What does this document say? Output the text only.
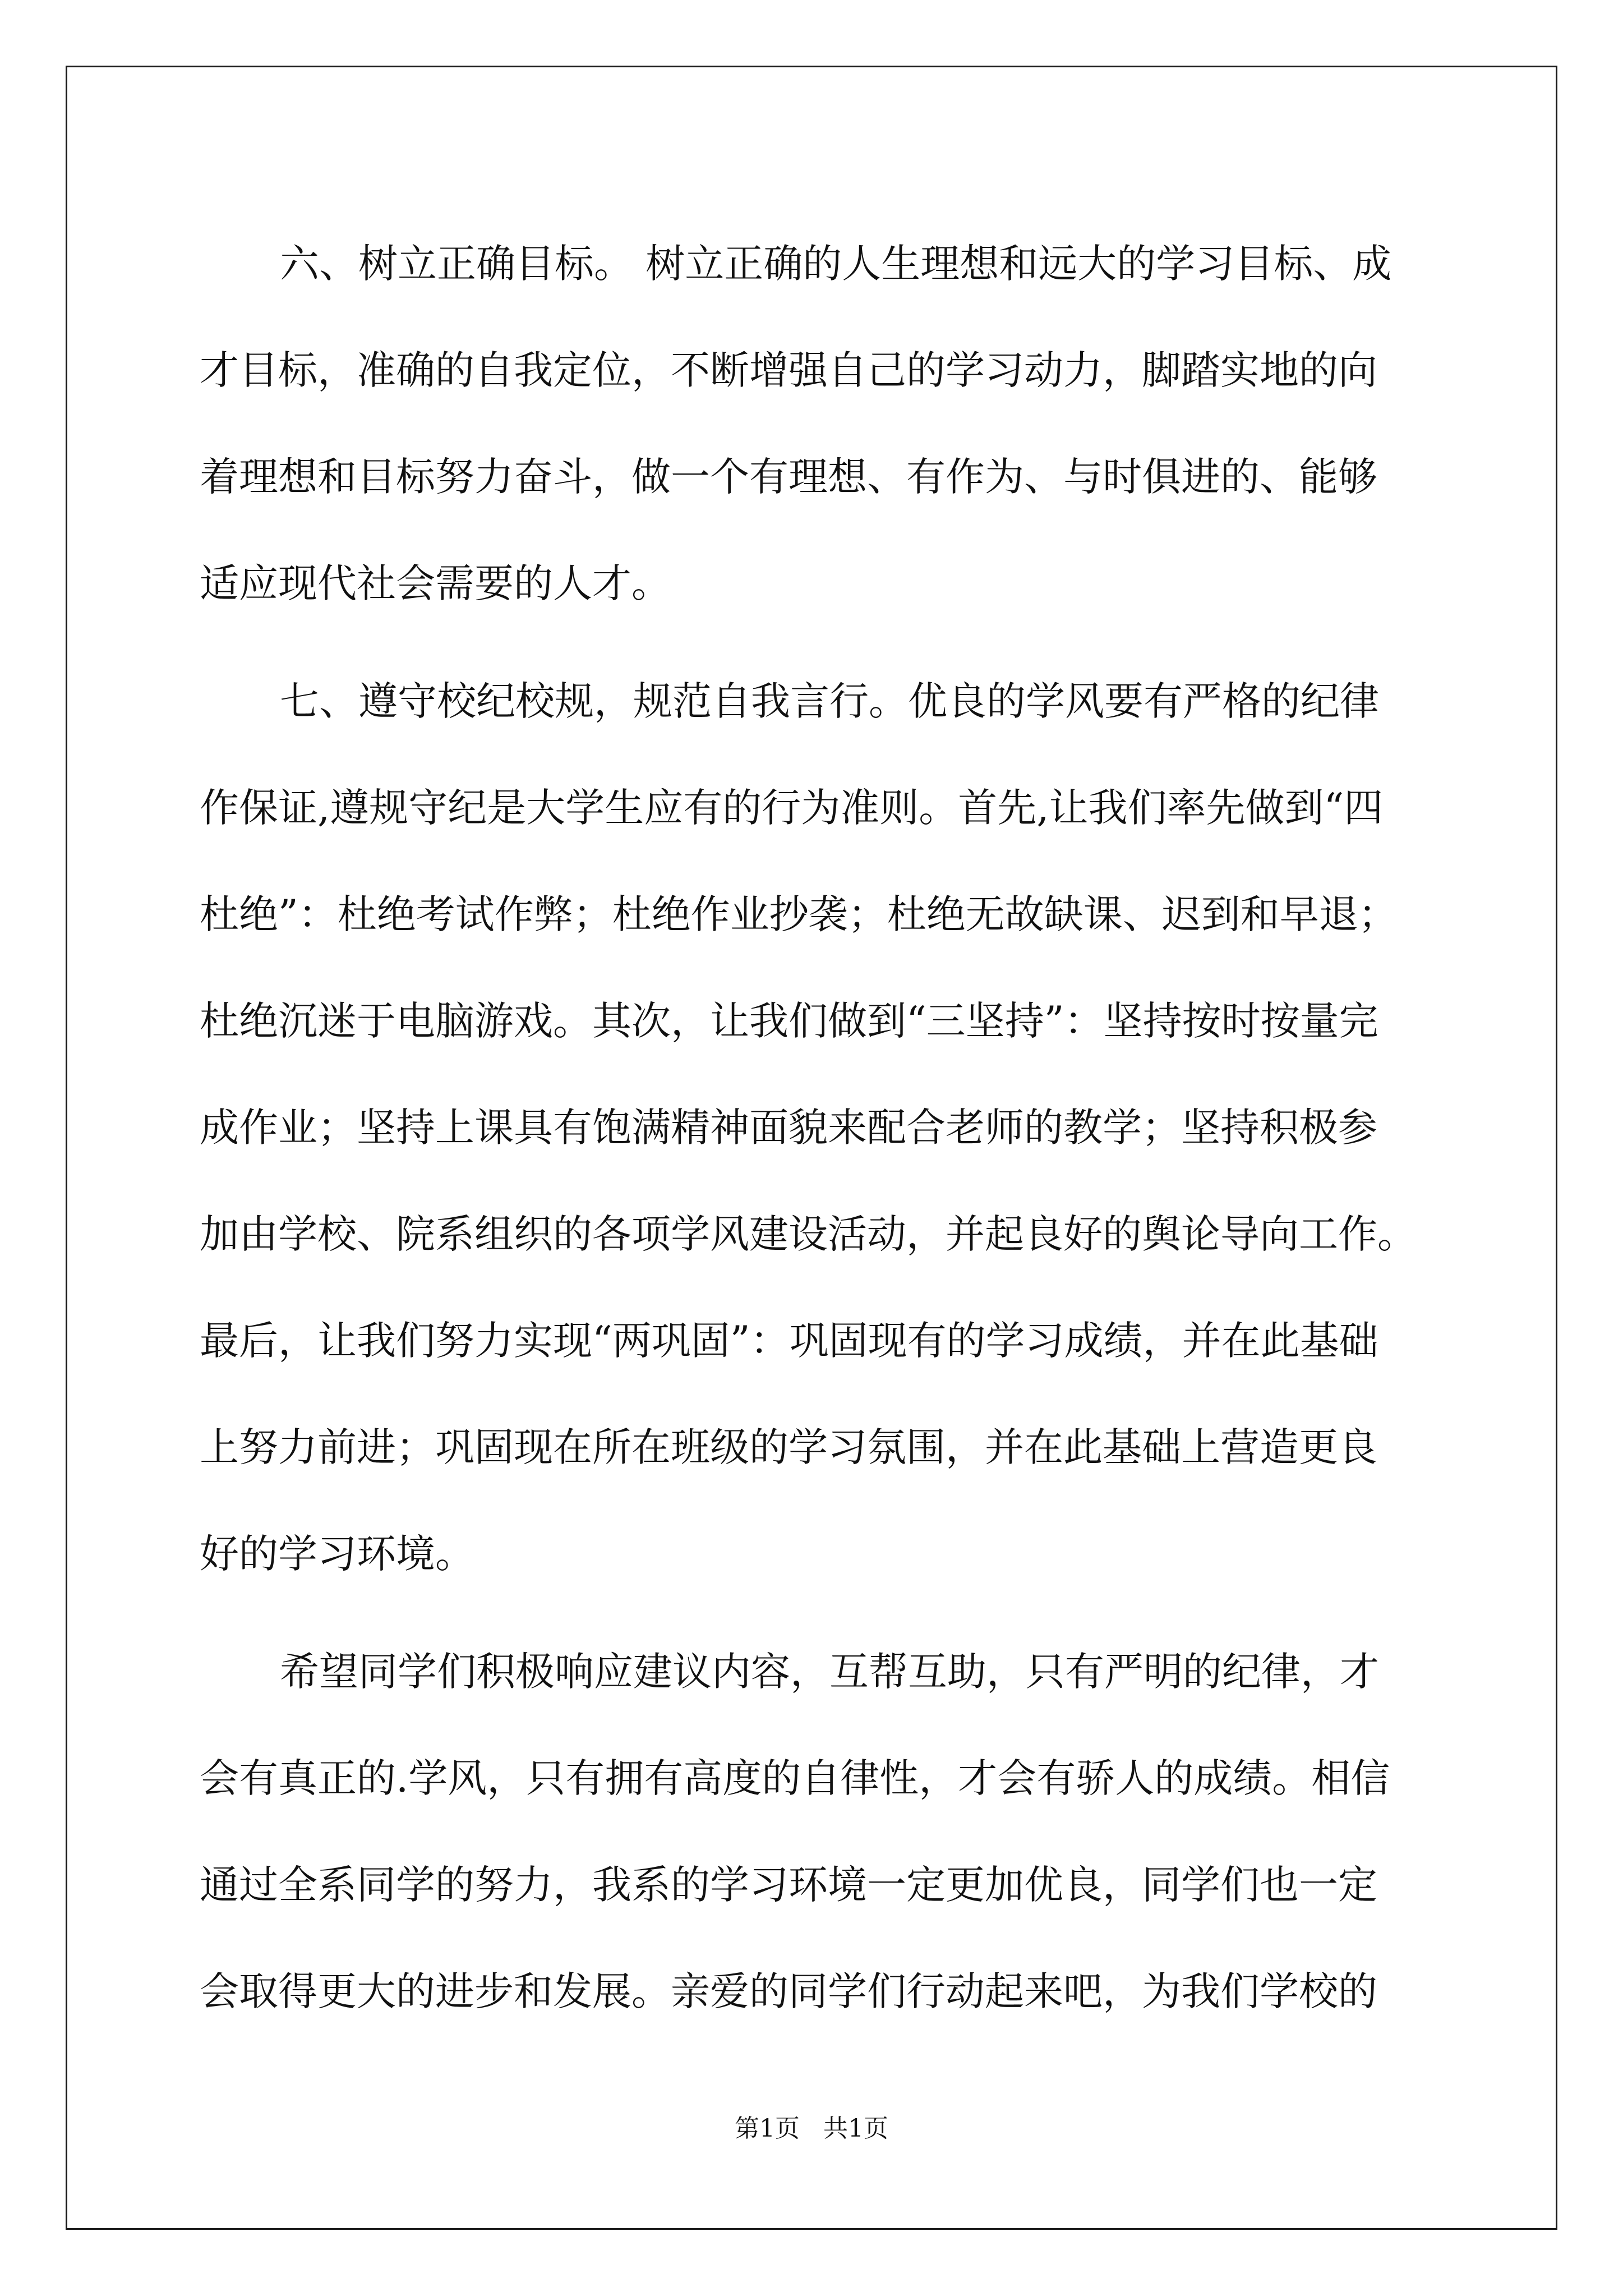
六、树立正确目标。 树立正确的人生理想和远大的学习目标、成
才目标，准确的自我定位，不断增强自己的学习动力，脚踏实地的向
着理想和目标努力奋斗，做一个有理想、有作为、与时俱进的、能够
适应现代社会需要的人才。
七、遵守校纪校规，规范自我言行。优良的学风要有严格的纪律
作保证,遵规守纪是大学生应有的行为准则。首先,让我们率先做到“四
杜绝”：杜绝考试作弊；杜绝作业抄袭；杜绝无故缺课、迟到和早退；
杜绝沉迷于电脑游戏。其次，让我们做到“三坚持”：坚持按时按量完
成作业；坚持上课具有饱满精神面貌来配合老师的教学；坚持积极参
加由学校、院系组织的各项学风建设活动，并起良好的舆论导向工作。
最后，让我们努力实现“两巩固”：巩固现有的学习成绩，并在此基础
上努力前进；巩固现在所在班级的学习氛围，并在此基础上营造更良
好的学习环境。
希望同学们积极响应建议内容，互帮互助，只有严明的纪律，才
会有真正的.学风，只有拥有高度的自律性，才会有骄人的成绩。相信
通过全系同学的努力，我系的学习环境一定更加优良，同学们也一定
会取得更大的进步和发展。亲爱的同学们行动起来吧，为我们学校的
第1页   共1页
